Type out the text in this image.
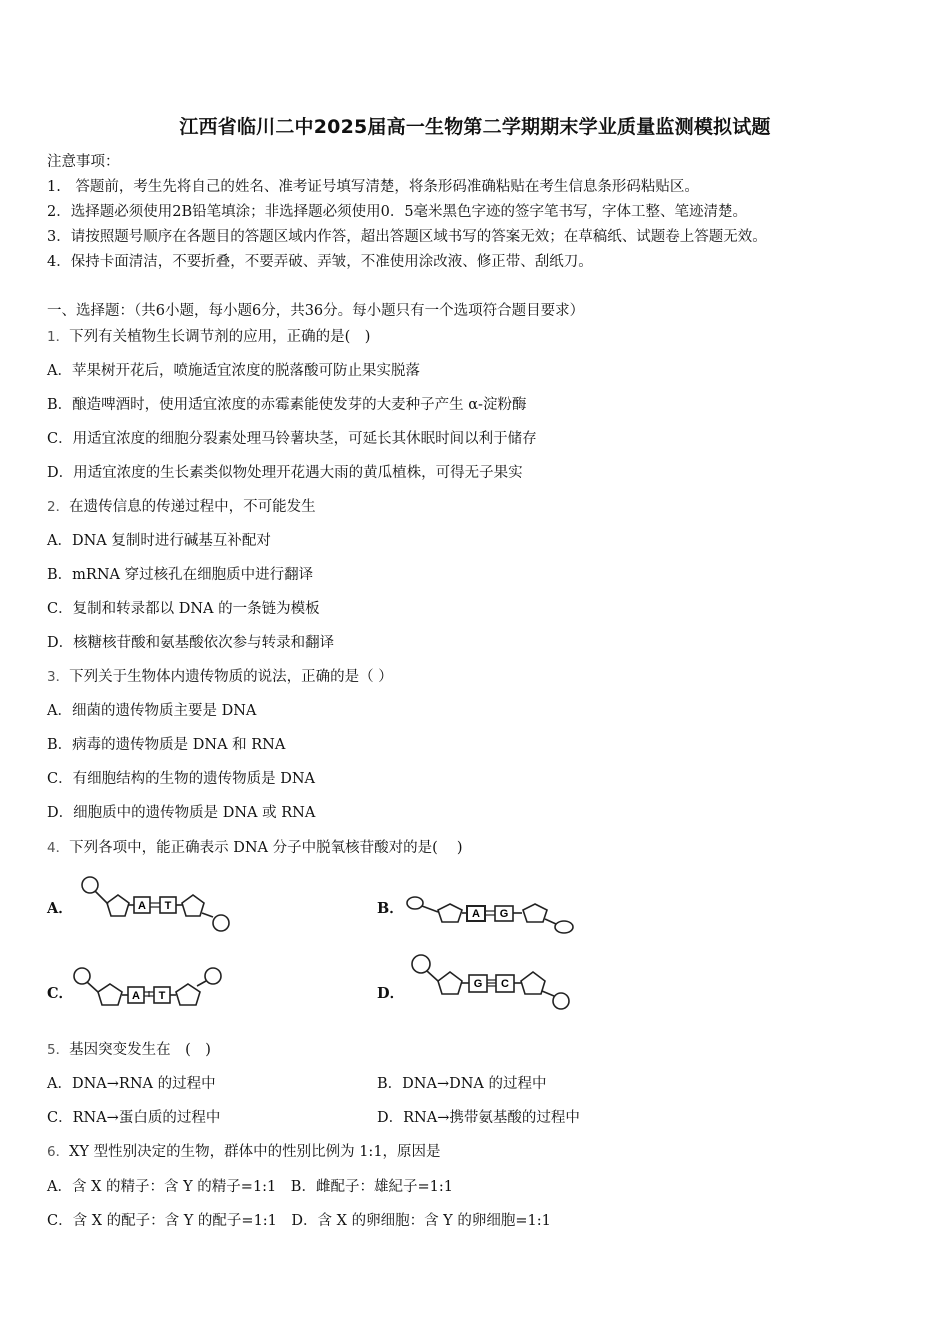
江西省临川二中2025届高一生物第二学期期末学业质量监测模拟试题
注意事项：
1.　答题前，考生先将自己的姓名、准考证号填写清楚，将条形码准确粘贴在考生信息条形码粘贴区。
2．选择题必须使用2B铅笔填涂；非选择题必须使用0．5毫米黑色字迹的签字笔书写，字体工整、笔迹清楚。
3．请按照题号顺序在各题目的答题区域内作答，超出答题区域书写的答案无效；在草稿纸、试题卷上答题无效。
4．保持卡面清洁，不要折叠，不要弄破、弄皱，不准使用涂改液、修正带、刮纸刀。
一、选择题：（共6小题，每小题6分，共36分。每小题只有一个选项符合题目要求）
1．下列有关植物生长调节剂的应用，正确的是(　)
A．苹果树开花后，喷施适宜浓度的脱落酸可防止果实脱落
B．酿造啤酒时，使用适宜浓度的赤霉素能使发芽的大麦种子产生 α-淀粉酶
C．用适宜浓度的细胞分裂素处理马铃薯块茎，可延长其休眠时间以利于储存
D．用适宜浓度的生长素类似物处理开花遇大雨的黄瓜植株，可得无子果实
2．在遗传信息的传递过程中，不可能发生
A．DNA 复制时进行碱基互补配对
B．mRNA 穿过核孔在细胞质中进行翻译
C．复制和转录都以 DNA 的一条链为模板
D．核糖核苷酸和氨基酸依次参与转录和翻译
3．下列关于生物体内遗传物质的说法，正确的是（ ）
A．细菌的遗传物质主要是 DNA
B．病毒的遗传物质是 DNA 和 RNA
C．有细胞结构的生物的遗传物质是 DNA
D．细胞质中的遗传物质是 DNA 或 RNA
4．下列各项中，能正确表示 DNA 分子中脱氧核苷酸对的是(　 )
A．	A T	B．	A G
C．	A T	D．
G C
5．基因突变发生在　(　)
A．DNA→RNA 的过程中	B．DNA→DNA 的过程中
C．RNA→蛋白质的过程中	D．RNA→携带氨基酸的过程中
6．XY 型性别决定的生物，群体中的性别比例为 1:1，原因是
A．含 X 的精子：含 Y 的精子=1:1　B．雌配子：雄紀子=1:1
C．含 X 的配子：含 Y 的配子=1:1　D．含 X 的卵细胞：含 Y 的卵细胞=1:1
